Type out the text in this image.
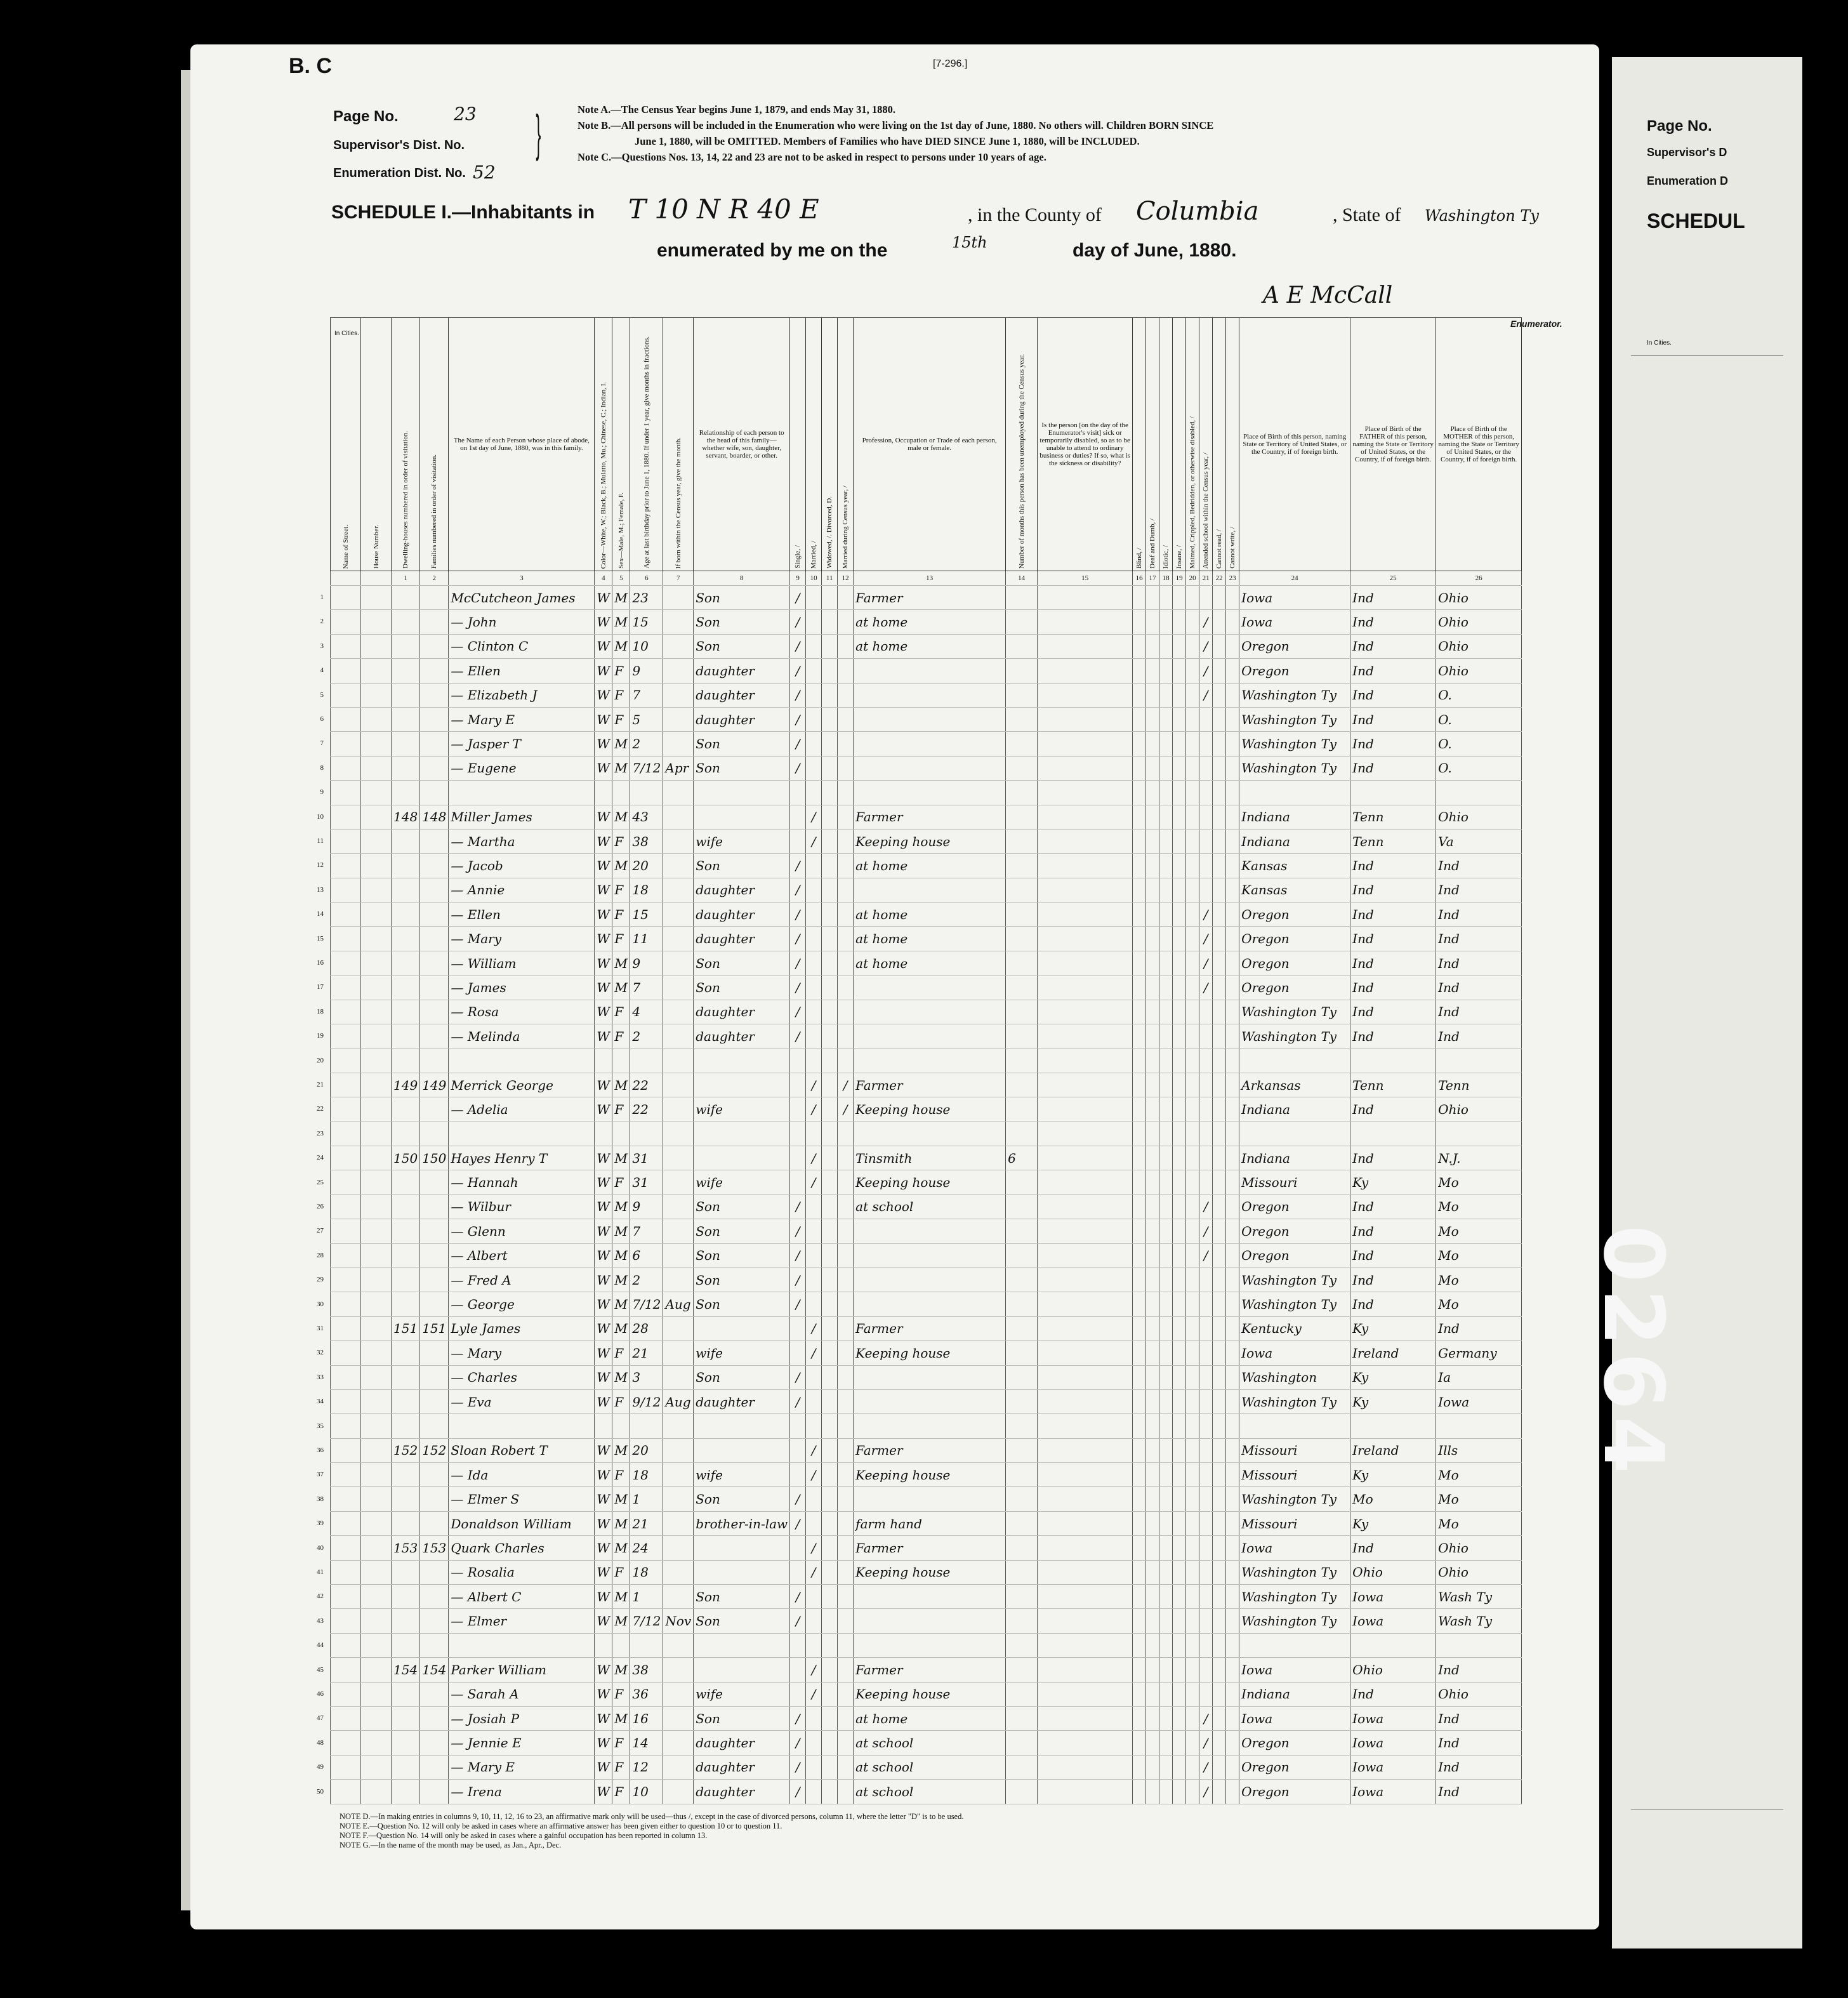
B. C	[7-296.]
Page No.	23
Supervisor's Dist. No.
Enumeration Dist. No. 52
}	Note A.—The Census Year begins June 1, 1879, and ends May 31, 1880.
Note B.—All persons will be included in the Enumeration who were living on the 1st day of June, 1880. No others will. Children BORN SINCE
June 1, 1880, will be OMITTED. Members of Families who have DIED SINCE June 1, 1880, will be INCLUDED.
Note C.—Questions Nos. 13, 14, 22 and 23 are not to be asked in respect to persons under 10 years of age.
SCHEDULE I.—Inhabitants in T 10 N R 40 E	, in the County of Columbia	, State of Washington Ty
enumerated by me on the	15th	day of June, 1880.
A E McCall
Enumerator.
Name of Street.	House Number.	Dwelling-houses numbered in order of visitation.	Families numbered in order of visitation.	The Name of each Person whose place of abode, on 1st day of June, 1880, was in this family.	Color—White, W.; Black, B.; Mulatto, Mu.; Chinese, C.; Indian, I.	Sex—Male, M.; Female, F.	Age at last birthday prior to June 1, 1880. If under 1 year, give months in fractions.	If born within the Census year, give the month.	Relationship of each person to the head of this family—whether wife, son, daughter, servant, boarder, or other.	Single, /	Married, /	Widowed, /. Divorced, D.	Married during Census year, /	Profession, Occupation or Trade of each person, male or female.	Number of months this person has been unemployed during the Census year.	Is the person [on the day of the Enumerator's visit] sick or temporarily disabled, so as to be unable to attend to ordinary business or duties? If so, what is the sickness or disability?	Blind, /	Deaf and Dumb, /	Idiotic, /	Insane, /	Maimed, Crippled, Bedridden, or otherwise disabled, /	Attended school within the Census year, /	Cannot read, /	Cannot write, /	Place of Birth of this person, naming State or Territory of United States, or the Country, if of foreign birth.	Place of Birth of the FATHER of this person, naming the State or Territory of United States, or the Country, if of foreign birth.	Place of Birth of the MOTHER of this person, naming the State or Territory of United States, or the Country, if of foreign birth.
		1	2	3	4	5	6	7	8	9	10	11	12	13	14	15	16	17	18	19	20	21	22	23	24	25	26
				McCutcheon James	W	M	23		Son	/				Farmer											Iowa	Ind	Ohio
				— John	W	M	15		Son	/				at home								/			Iowa	Ind	Ohio
				— Clinton C	W	M	10		Son	/				at home								/			Oregon	Ind	Ohio
				— Ellen	W	F	9		daughter	/												/			Oregon	Ind	Ohio
				— Elizabeth J	W	F	7		daughter	/												/			Washington Ty	Ind	O.
				— Mary E	W	F	5		daughter	/															Washington Ty	Ind	O.
				— Jasper T	W	M	2		Son	/															Washington Ty	Ind	O.
				— Eugene	W	M	7/12	Apr	Son	/															Washington Ty	Ind	O.

		148	148	Miller James	W	M	43				/			Farmer											Indiana	Tenn	Ohio
				— Martha	W	F	38		wife		/			Keeping house											Indiana	Tenn	Va
				— Jacob	W	M	20		Son	/				at home											Kansas	Ind	Ind
				— Annie	W	F	18		daughter	/															Kansas	Ind	Ind
				— Ellen	W	F	15		daughter	/				at home								/			Oregon	Ind	Ind
				— Mary	W	F	11		daughter	/				at home								/			Oregon	Ind	Ind
				— William	W	M	9		Son	/				at home								/			Oregon	Ind	Ind
				— James	W	M	7		Son	/												/			Oregon	Ind	Ind
				— Rosa	W	F	4		daughter	/															Washington Ty	Ind	Ind
				— Melinda	W	F	2		daughter	/															Washington Ty	Ind	Ind

		149	149	Merrick George	W	M	22				/		/	Farmer											Arkansas	Tenn	Tenn
				— Adelia	W	F	22		wife		/		/	Keeping house											Indiana	Ind	Ohio

		150	150	Hayes Henry T	W	M	31				/			Tinsmith	6										Indiana	Ind	N.J.
				— Hannah	W	F	31		wife		/			Keeping house											Missouri	Ky	Mo
				— Wilbur	W	M	9		Son	/				at school								/			Oregon	Ind	Mo
				— Glenn	W	M	7		Son	/												/			Oregon	Ind	Mo
				— Albert	W	M	6		Son	/												/			Oregon	Ind	Mo
				— Fred A	W	M	2		Son	/															Washington Ty	Ind	Mo
				— George	W	M	7/12	Aug	Son	/															Washington Ty	Ind	Mo
		151	151	Lyle James	W	M	28				/			Farmer											Kentucky	Ky	Ind
				— Mary	W	F	21		wife		/			Keeping house											Iowa	Ireland	Germany
				— Charles	W	M	3		Son	/															Washington	Ky	Ia
				— Eva	W	F	9/12	Aug	daughter	/															Washington Ty	Ky	Iowa

		152	152	Sloan Robert T	W	M	20				/			Farmer											Missouri	Ireland	Ills
				— Ida	W	F	18		wife		/			Keeping house											Missouri	Ky	Mo
				— Elmer S	W	M	1		Son	/															Washington Ty	Mo	Mo
				Donaldson William	W	M	21		brother-in-law	/				farm hand											Missouri	Ky	Mo
		153	153	Quark Charles	W	M	24				/			Farmer											Iowa	Ind	Ohio
				— Rosalia	W	F	18				/			Keeping house											Washington Ty	Ohio	Ohio
				— Albert C	W	M	1		Son	/															Washington Ty	Iowa	Wash Ty
				— Elmer	W	M	7/12	Nov	Son	/															Washington Ty	Iowa	Wash Ty

		154	154	Parker William	W	M	38				/			Farmer											Iowa	Ohio	Ind
				— Sarah A	W	F	36		wife		/			Keeping house											Indiana	Ind	Ohio
				— Josiah P	W	M	16		Son	/				at home								/			Iowa	Iowa	Ind
				— Jennie E	W	F	14		daughter	/				at school								/			Oregon	Iowa	Ind
				— Mary E	W	F	12		daughter	/				at school								/			Oregon	Iowa	Ind
				— Irena	W	F	10		daughter	/				at school								/			Oregon	Iowa	Ind
1
2
3
4
5
6
7
8
9
10
11
12
13
14
15
16
17
18
19
20
21
22
23
24
25
26
27
28
29
30
31
32
33
34
35
36
37
38
39
40
41
42
43
44
45
46
47
48
49
50
In Cities.
NOTE D.—In making entries in columns 9, 10, 11, 12, 16 to 23, an affirmative mark only will be used—thus /, except in the case of divorced persons, column 11, where the letter "D" is to be used.
NOTE E.—Question No. 12 will only be asked in cases where an affirmative answer has been given either to question 10 or to question 11.
NOTE F.—Question No. 14 will only be asked in cases where a gainful occupation has been reported in column 13.
NOTE G.—In the name of the month may be used, as Jan., Apr., Dec.
Page No.
Supervisor's D
Enumeration D
SCHEDUL
In Cities.
0264
